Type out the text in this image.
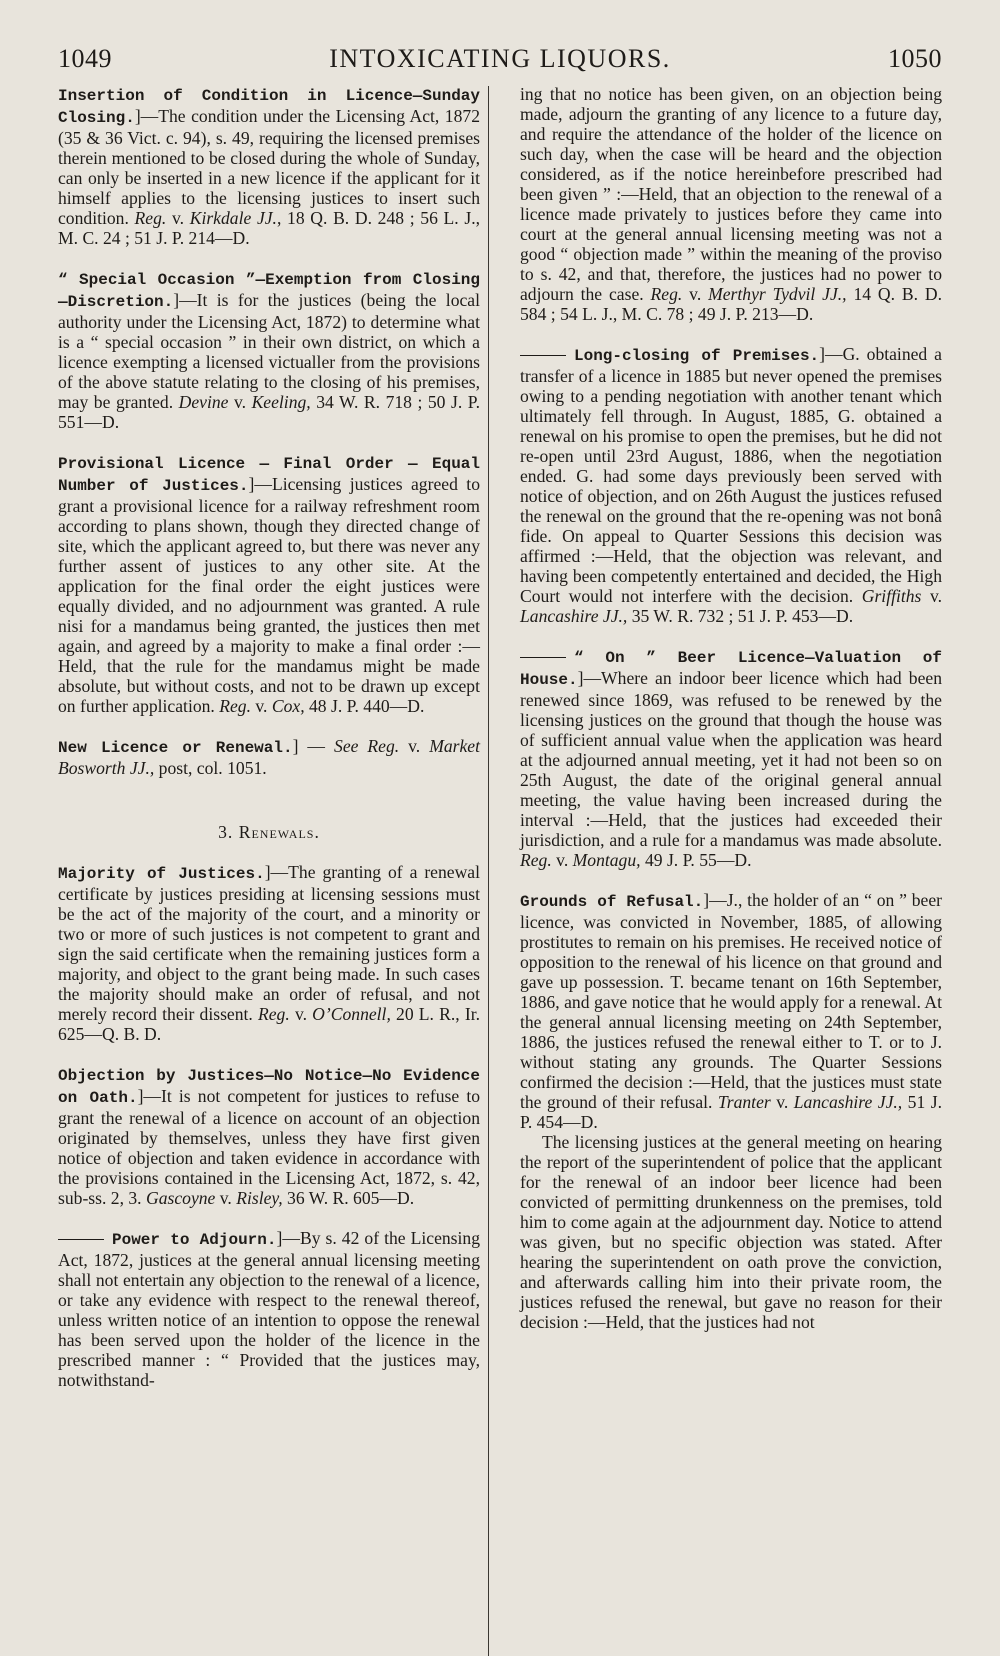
1049	INTOXICATING LIQUORS.	1050

Insertion of Condition in Licence—Sunday Closing.]—The condition under the Licensing Act, 1872 (35 & 36 Vict. c. 94), s. 49, requiring the licensed premises therein mentioned to be closed during the whole of Sunday, can only be inserted in a new licence if the applicant for it himself applies to the licensing justices to insert such condition. Reg. v. Kirkdale JJ., 18 Q. B. D. 248 ; 56 L. J., M. C. 24 ; 51 J. P. 214—D.

“ Special Occasion ”—Exemption from Closing —Discretion.]—It is for the justices (being the local authority under the Licensing Act, 1872) to determine what is a “ special occasion ” in their own district, on which a licence exempting a licensed victualler from the provisions of the above statute relating to the closing of his premises, may be granted. Devine v. Keeling, 34 W. R. 718 ; 50 J. P. 551—D.

Provisional Licence — Final Order — Equal Number of Justices.]—Licensing justices agreed to grant a provisional licence for a railway refreshment room according to plans shown, though they directed change of site, which the applicant agreed to, but there was never any further assent of justices to any other site. At the application for the final order the eight justices were equally divided, and no adjournment was granted. A rule nisi for a mandamus being granted, the justices then met again, and agreed by a majority to make a final order :—Held, that the rule for the mandamus might be made absolute, but without costs, and not to be drawn up except on further application. Reg. v. Cox, 48 J. P. 440—D.

New Licence or Renewal.] — See Reg. v. Market Bosworth JJ., post, col. 1051.

3. Renewals.

Majority of Justices.]—The granting of a renewal certificate by justices presiding at licensing sessions must be the act of the majority of the court, and a minority or two or more of such justices is not competent to grant and sign the said certificate when the remaining justices form a majority, and object to the grant being made. In such cases the majority should make an order of refusal, and not merely record their dissent. Reg. v. O’Connell, 20 L. R., Ir. 625—Q. B. D.

Objection by Justices—No Notice—No Evidence on Oath.]—It is not competent for justices to refuse to grant the renewal of a licence on account of an objection originated by themselves, unless they have first given notice of objection and taken evidence in accordance with the provisions contained in the Licensing Act, 1872, s. 42, sub-ss. 2, 3. Gascoyne v. Risley, 36 W. R. 605—D.

Power to Adjourn.]—By s. 42 of the Licensing Act, 1872, justices at the general annual licensing meeting shall not entertain any objection to the renewal of a licence, or take any evidence with respect to the renewal thereof, unless written notice of an intention to oppose the renewal has been served upon the holder of the licence in the prescribed manner : “ Provided that the justices may, notwithstand-

ing that no notice has been given, on an objection being made, adjourn the granting of any licence to a future day, and require the attendance of the holder of the licence on such day, when the case will be heard and the objection considered, as if the notice hereinbefore prescribed had been given ” :—Held, that an objection to the renewal of a licence made privately to justices before they came into court at the general annual licensing meeting was not a good “ objection made ” within the meaning of the proviso to s. 42, and that, therefore, the justices had no power to adjourn the case. Reg. v. Merthyr Tydvil JJ., 14 Q. B. D. 584 ; 54 L. J., M. C. 78 ; 49 J. P. 213—D.

Long-closing of Premises.]—G. obtained a transfer of a licence in 1885 but never opened the premises owing to a pending negotiation with another tenant which ultimately fell through. In August, 1885, G. obtained a renewal on his promise to open the premises, but he did not re-open until 23rd August, 1886, when the negotiation ended. G. had some days previously been served with notice of objection, and on 26th August the justices refused the renewal on the ground that the re-opening was not bonâ fide. On appeal to Quarter Sessions this decision was affirmed :—Held, that the objection was relevant, and having been competently entertained and decided, the High Court would not interfere with the decision. Griffiths v. Lancashire JJ., 35 W. R. 732 ; 51 J. P. 453—D.

“ On ” Beer Licence—Valuation of House.]—Where an indoor beer licence which had been renewed since 1869, was refused to be renewed by the licensing justices on the ground that though the house was of sufficient annual value when the application was heard at the adjourned annual meeting, yet it had not been so on 25th August, the date of the original general annual meeting, the value having been increased during the interval :—Held, that the justices had exceeded their jurisdiction, and a rule for a mandamus was made absolute. Reg. v. Montagu, 49 J. P. 55—D.

Grounds of Refusal.]—J., the holder of an “ on ” beer licence, was convicted in November, 1885, of allowing prostitutes to remain on his premises. He received notice of opposition to the renewal of his licence on that ground and gave up possession. T. became tenant on 16th September, 1886, and gave notice that he would apply for a renewal. At the general annual licensing meeting on 24th September, 1886, the justices refused the renewal either to T. or to J. without stating any grounds. The Quarter Sessions confirmed the decision :—Held, that the justices must state the ground of their refusal. Tranter v. Lancashire JJ., 51 J. P. 454—D.

The licensing justices at the general meeting on hearing the report of the superintendent of police that the applicant for the renewal of an indoor beer licence had been convicted of permitting drunkenness on the premises, told him to come again at the adjournment day. Notice to attend was given, but no specific objection was stated. After hearing the superintendent on oath prove the conviction, and afterwards calling him into their private room, the justices refused the renewal, but gave no reason for their decision :—Held, that the justices had not
